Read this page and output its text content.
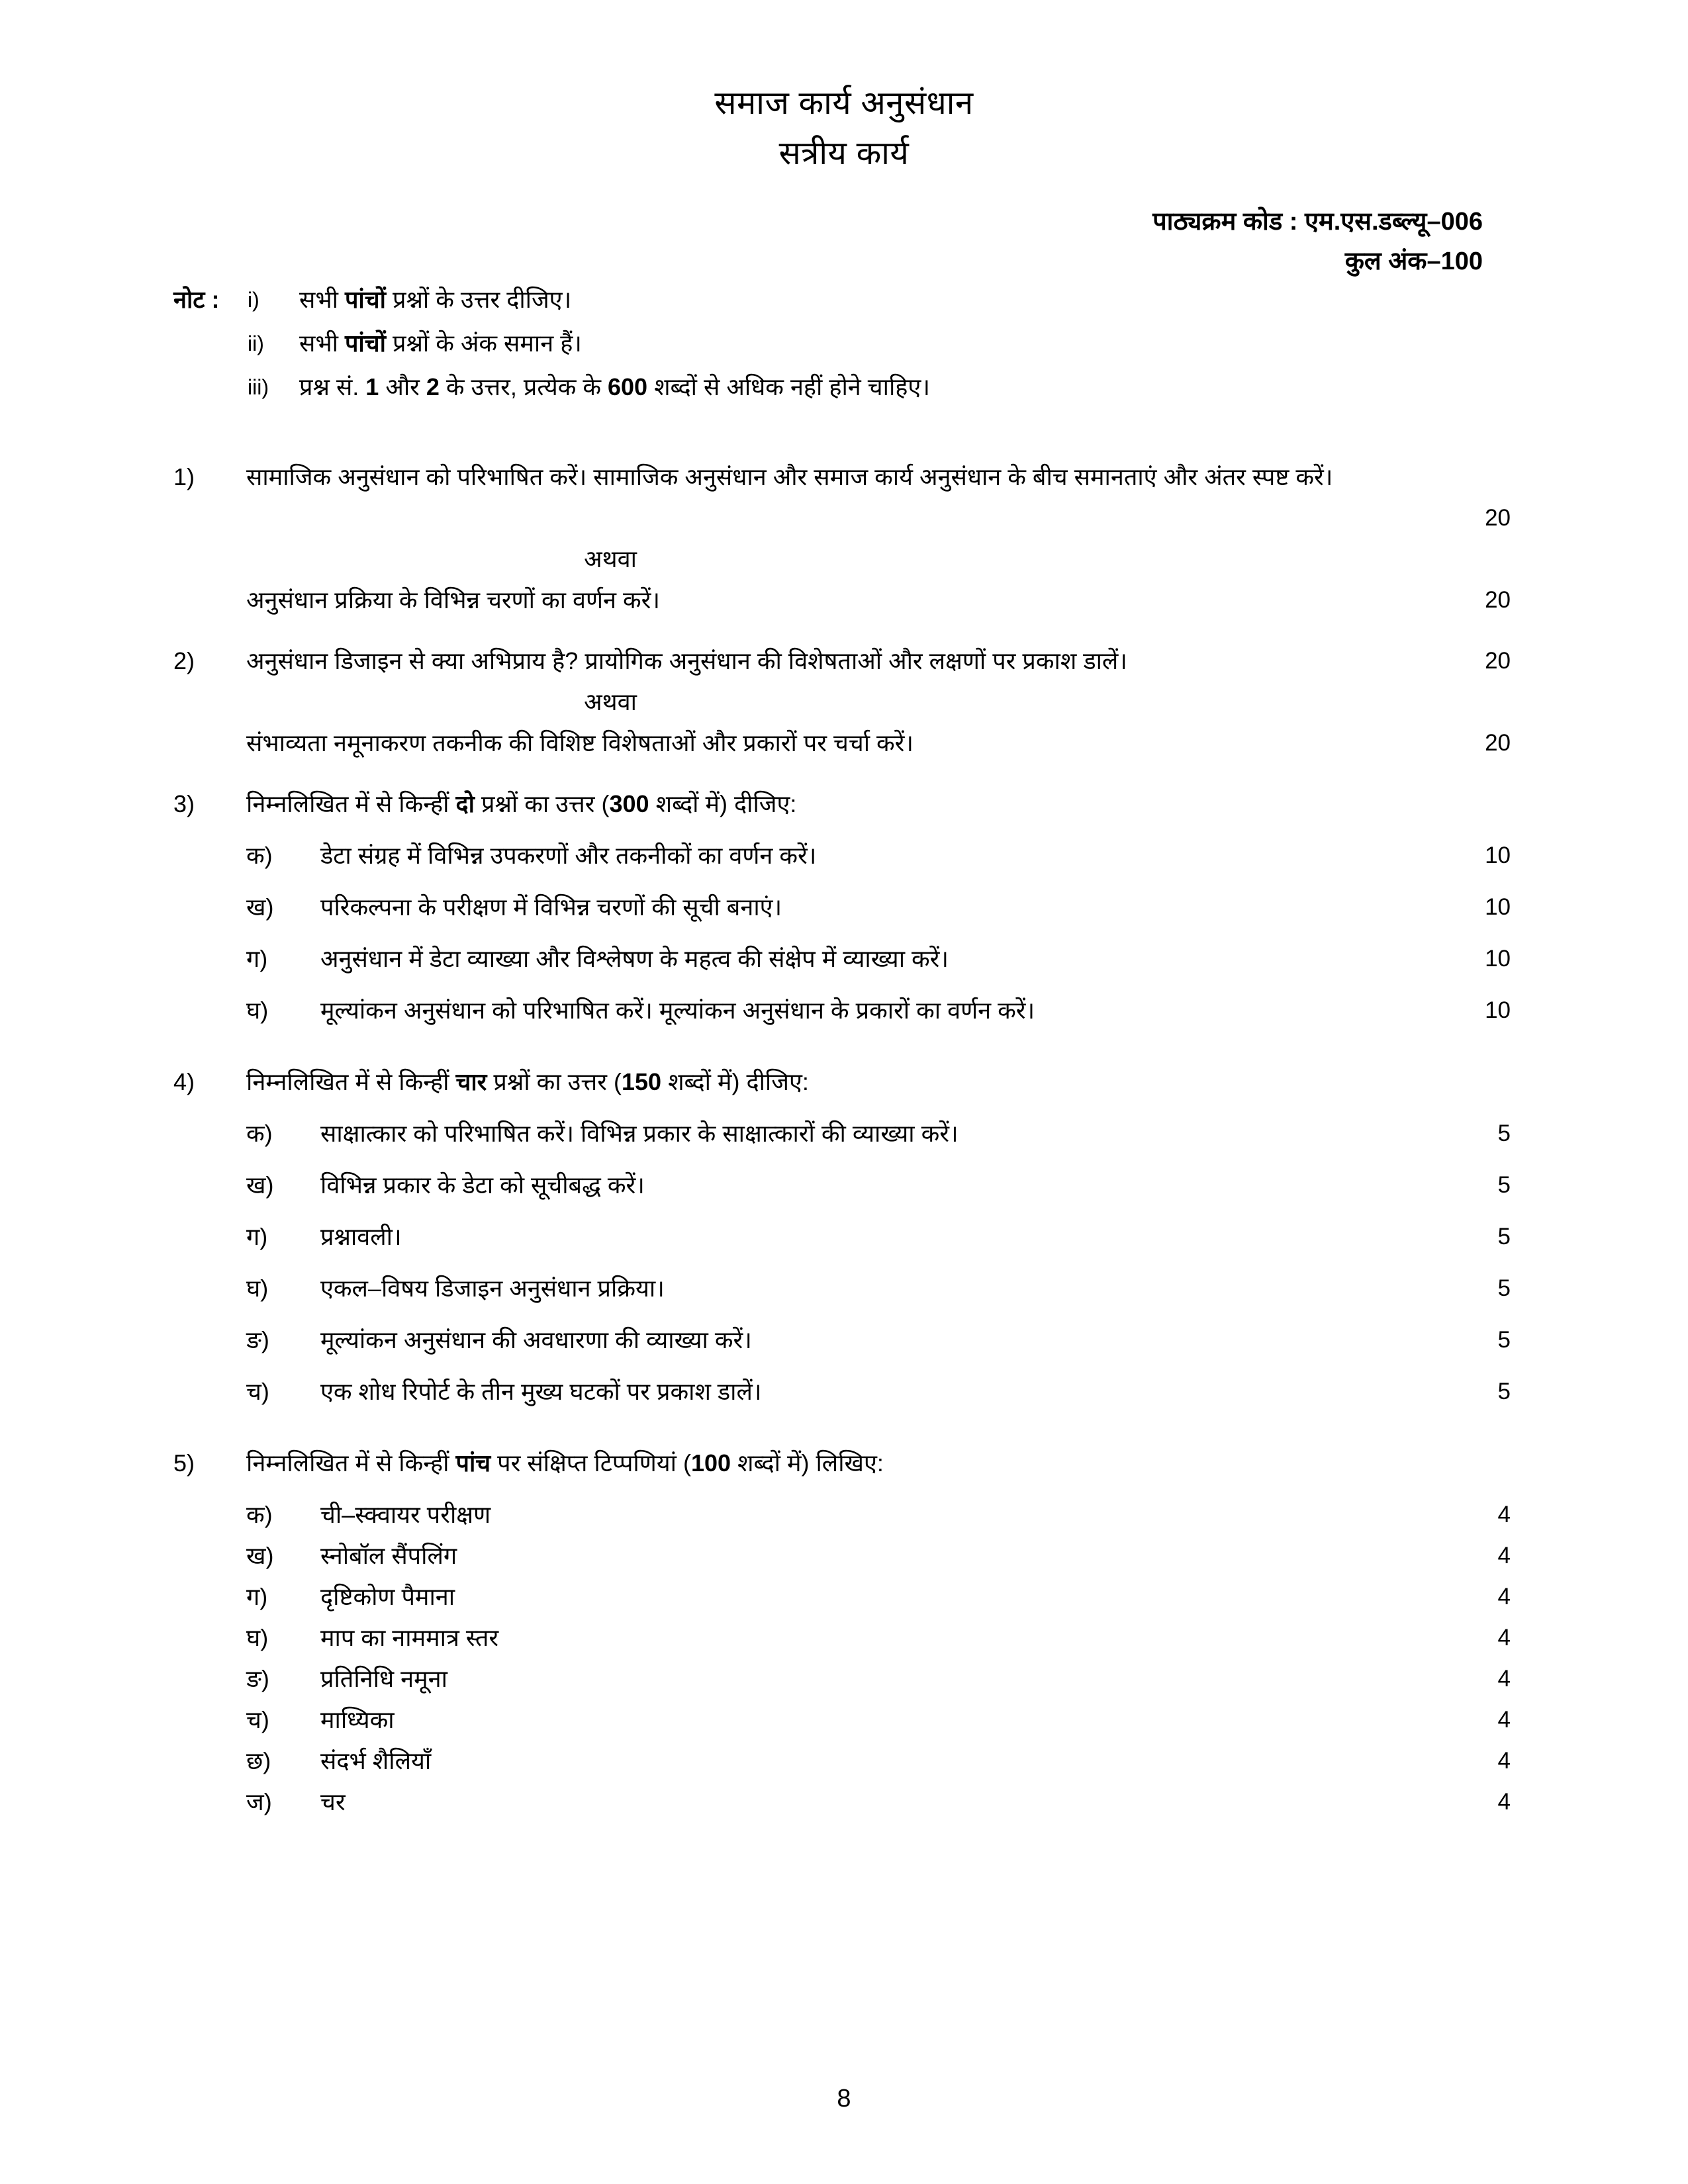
समाज कार्य अनुसंधान
सत्रीय कार्य
पाठ्यक्रम कोड : एम.एस.डब्ल्यू–006
कुल अंक–100
नोट :	i)	सभी पांचों प्रश्नों के उत्तर दीजिए।
ii)	सभी पांचों प्रश्नों के अंक समान हैं।
iii)	प्रश्न सं. 1 और 2 के उत्तर, प्रत्येक के 600 शब्दों से अधिक नहीं होने चाहिए।
1)	सामाजिक अनुसंधान को परिभाषित करें। सामाजिक अनुसंधान और समाज कार्य अनुसंधान के बीच समानताएं और अंतर स्पष्ट करें।
20
अथवा
अनुसंधान प्रक्रिया के विभिन्न चरणों का वर्णन करें।	20
2)	अनुसंधान डिजाइन से क्या अभिप्राय है? प्रायोगिक अनुसंधान की विशेषताओं और लक्षणों पर प्रकाश डालें।	20
अथवा
संभाव्यता नमूनाकरण तकनीक की विशिष्ट विशेषताओं और प्रकारों पर चर्चा करें।	20
3)	निम्नलिखित में से किन्हीं दो प्रश्नों का उत्तर (300 शब्दों में) दीजिए:
क)	डेटा संग्रह में विभिन्न उपकरणों और तकनीकों का वर्णन करें।	10
ख)	परिकल्पना के परीक्षण में विभिन्न चरणों की सूची बनाएं।	10
ग)	अनुसंधान में डेटा व्याख्या और विश्लेषण के महत्व की संक्षेप में व्याख्या करें।	10
घ)	मूल्यांकन अनुसंधान को परिभाषित करें। मूल्यांकन अनुसंधान के प्रकारों का वर्णन करें।	10
4)	निम्नलिखित में से किन्हीं चार प्रश्नों का उत्तर (150 शब्दों में) दीजिए:
क)	साक्षात्कार को परिभाषित करें। विभिन्न प्रकार के साक्षात्कारों की व्याख्या करें।	5
ख)	विभिन्न प्रकार के डेटा को सूचीबद्ध करें।	5
ग)	प्रश्नावली।	5
घ)	एकल–विषय डिजाइन अनुसंधान प्रक्रिया।	5
ङ)	मूल्यांकन अनुसंधान की अवधारणा की व्याख्या करें।	5
च)	एक शोध रिपोर्ट के तीन मुख्य घटकों पर प्रकाश डालें।	5
5)	निम्नलिखित में से किन्हीं पांच पर संक्षिप्त टिप्पणियां (100 शब्दों में) लिखिए:
क)	ची–स्क्वायर परीक्षण	4
ख)	स्नोबॉल सैंपलिंग	4
ग)	दृष्टिकोण पैमाना	4
घ)	माप का नाममात्र स्तर	4
ङ)	प्रतिनिधि नमूना	4
च)	माध्यिका	4
छ)	संदर्भ शैलियाँ	4
ज)	चर	4
8
